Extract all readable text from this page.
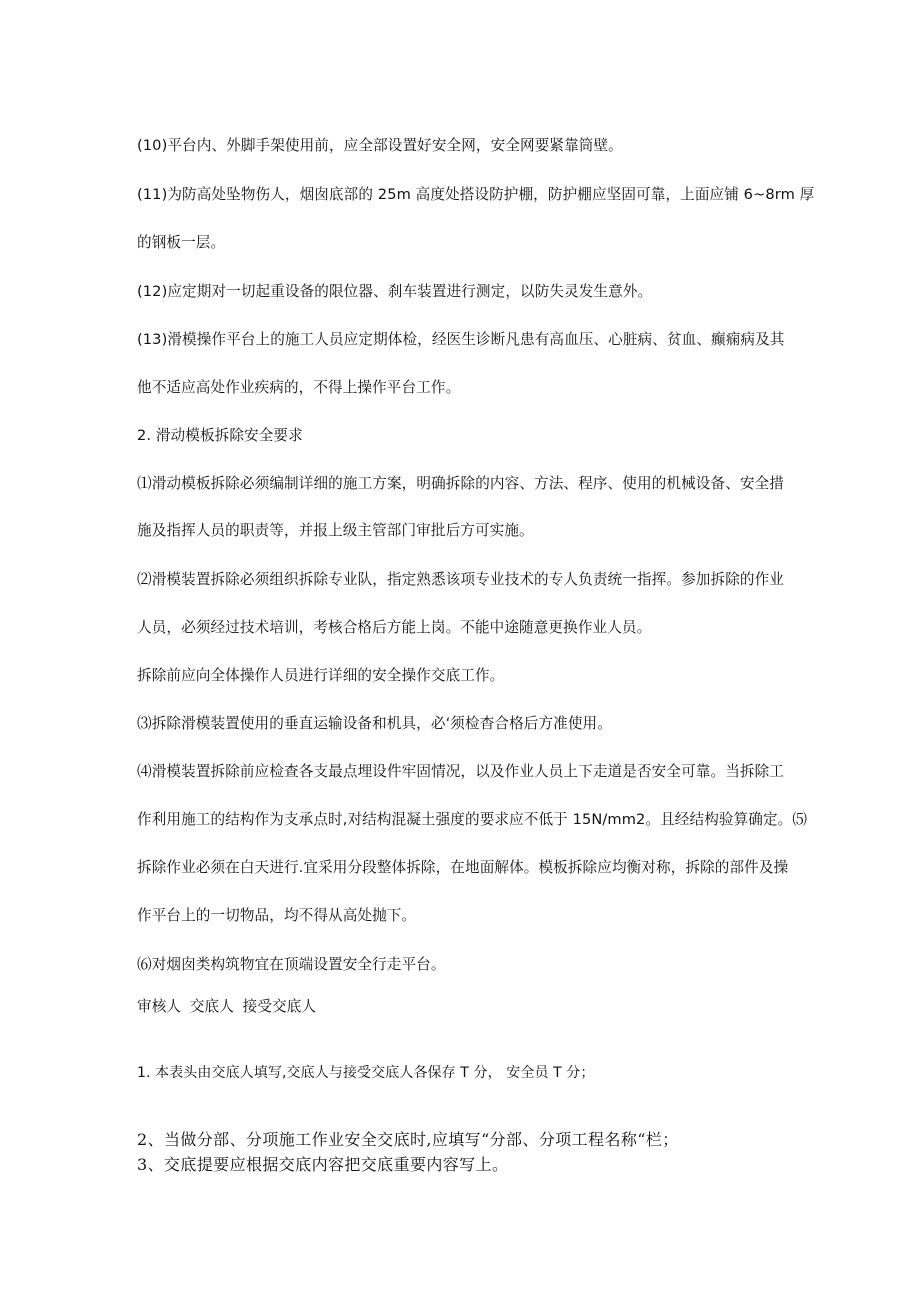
(10)平台内、外脚手架使用前，应全部设置好安全网，安全网要紧靠筒壁。
(11)为防高处坠物伤人，烟囱底部的 25m 高度处搭设防护棚，防护棚应坚固可靠，上面应铺 6~8rm 厚
的钢板一层。
(12)应定期对一切起重设备的限位器、刹车装置进行测定，以防失灵发生意外。
(13)滑模操作平台上的施工人员应定期体检，经医生诊断凡患有高血压、心脏病、贫血、癫痫病及其
他不适应高处作业疾病的，不得上操作平台工作。
2. 滑动模板拆除安全要求
⑴滑动模板拆除必须编制详细的施工方案，明确拆除的内容、方法、程序、使用的机械设备、安全措
施及指挥人员的职责等，并报上级主管部门审批后方可实施。
⑵滑模装置拆除必须组织拆除专业队，指定熟悉该项专业技术的专人负责统一指挥。参加拆除的作业
人员，必须经过技术培训，考核合格后方能上岗。不能中途随意更换作业人员。
拆除前应向全体操作人员进行详细的安全操作交底工作。
⑶拆除滑模装置使用的垂直运输设备和机具，必‘须检杳合格后方准使用。
⑷滑模装置拆除前应检查各支最点埋设件牢固情况，以及作业人员上下走道是否安全可靠。当拆除工
作利用施工的结构作为支承点时,对结构混凝土强度的要求应不低于 15N/mm2。且经结构验算确定。⑸
拆除作业必须在白天进行.宜采用分段整体拆除，在地面解体。模板拆除应均衡对称，拆除的部件及操
作平台上的一切物品，均不得从高处抛下。
⑹对烟囱类构筑物宜在顶端设置安全行走平台。
审核人 交底人 接受交底人
1. 本表头由交底人填写,交底人与接受交底人各保存 T 分， 安全员 T 分；
2、当做分部、分项施工作业安全交底时,应填写“分部、分项工程名称“栏；
3、交底提要应根据交底内容把交底重要内容写上。
